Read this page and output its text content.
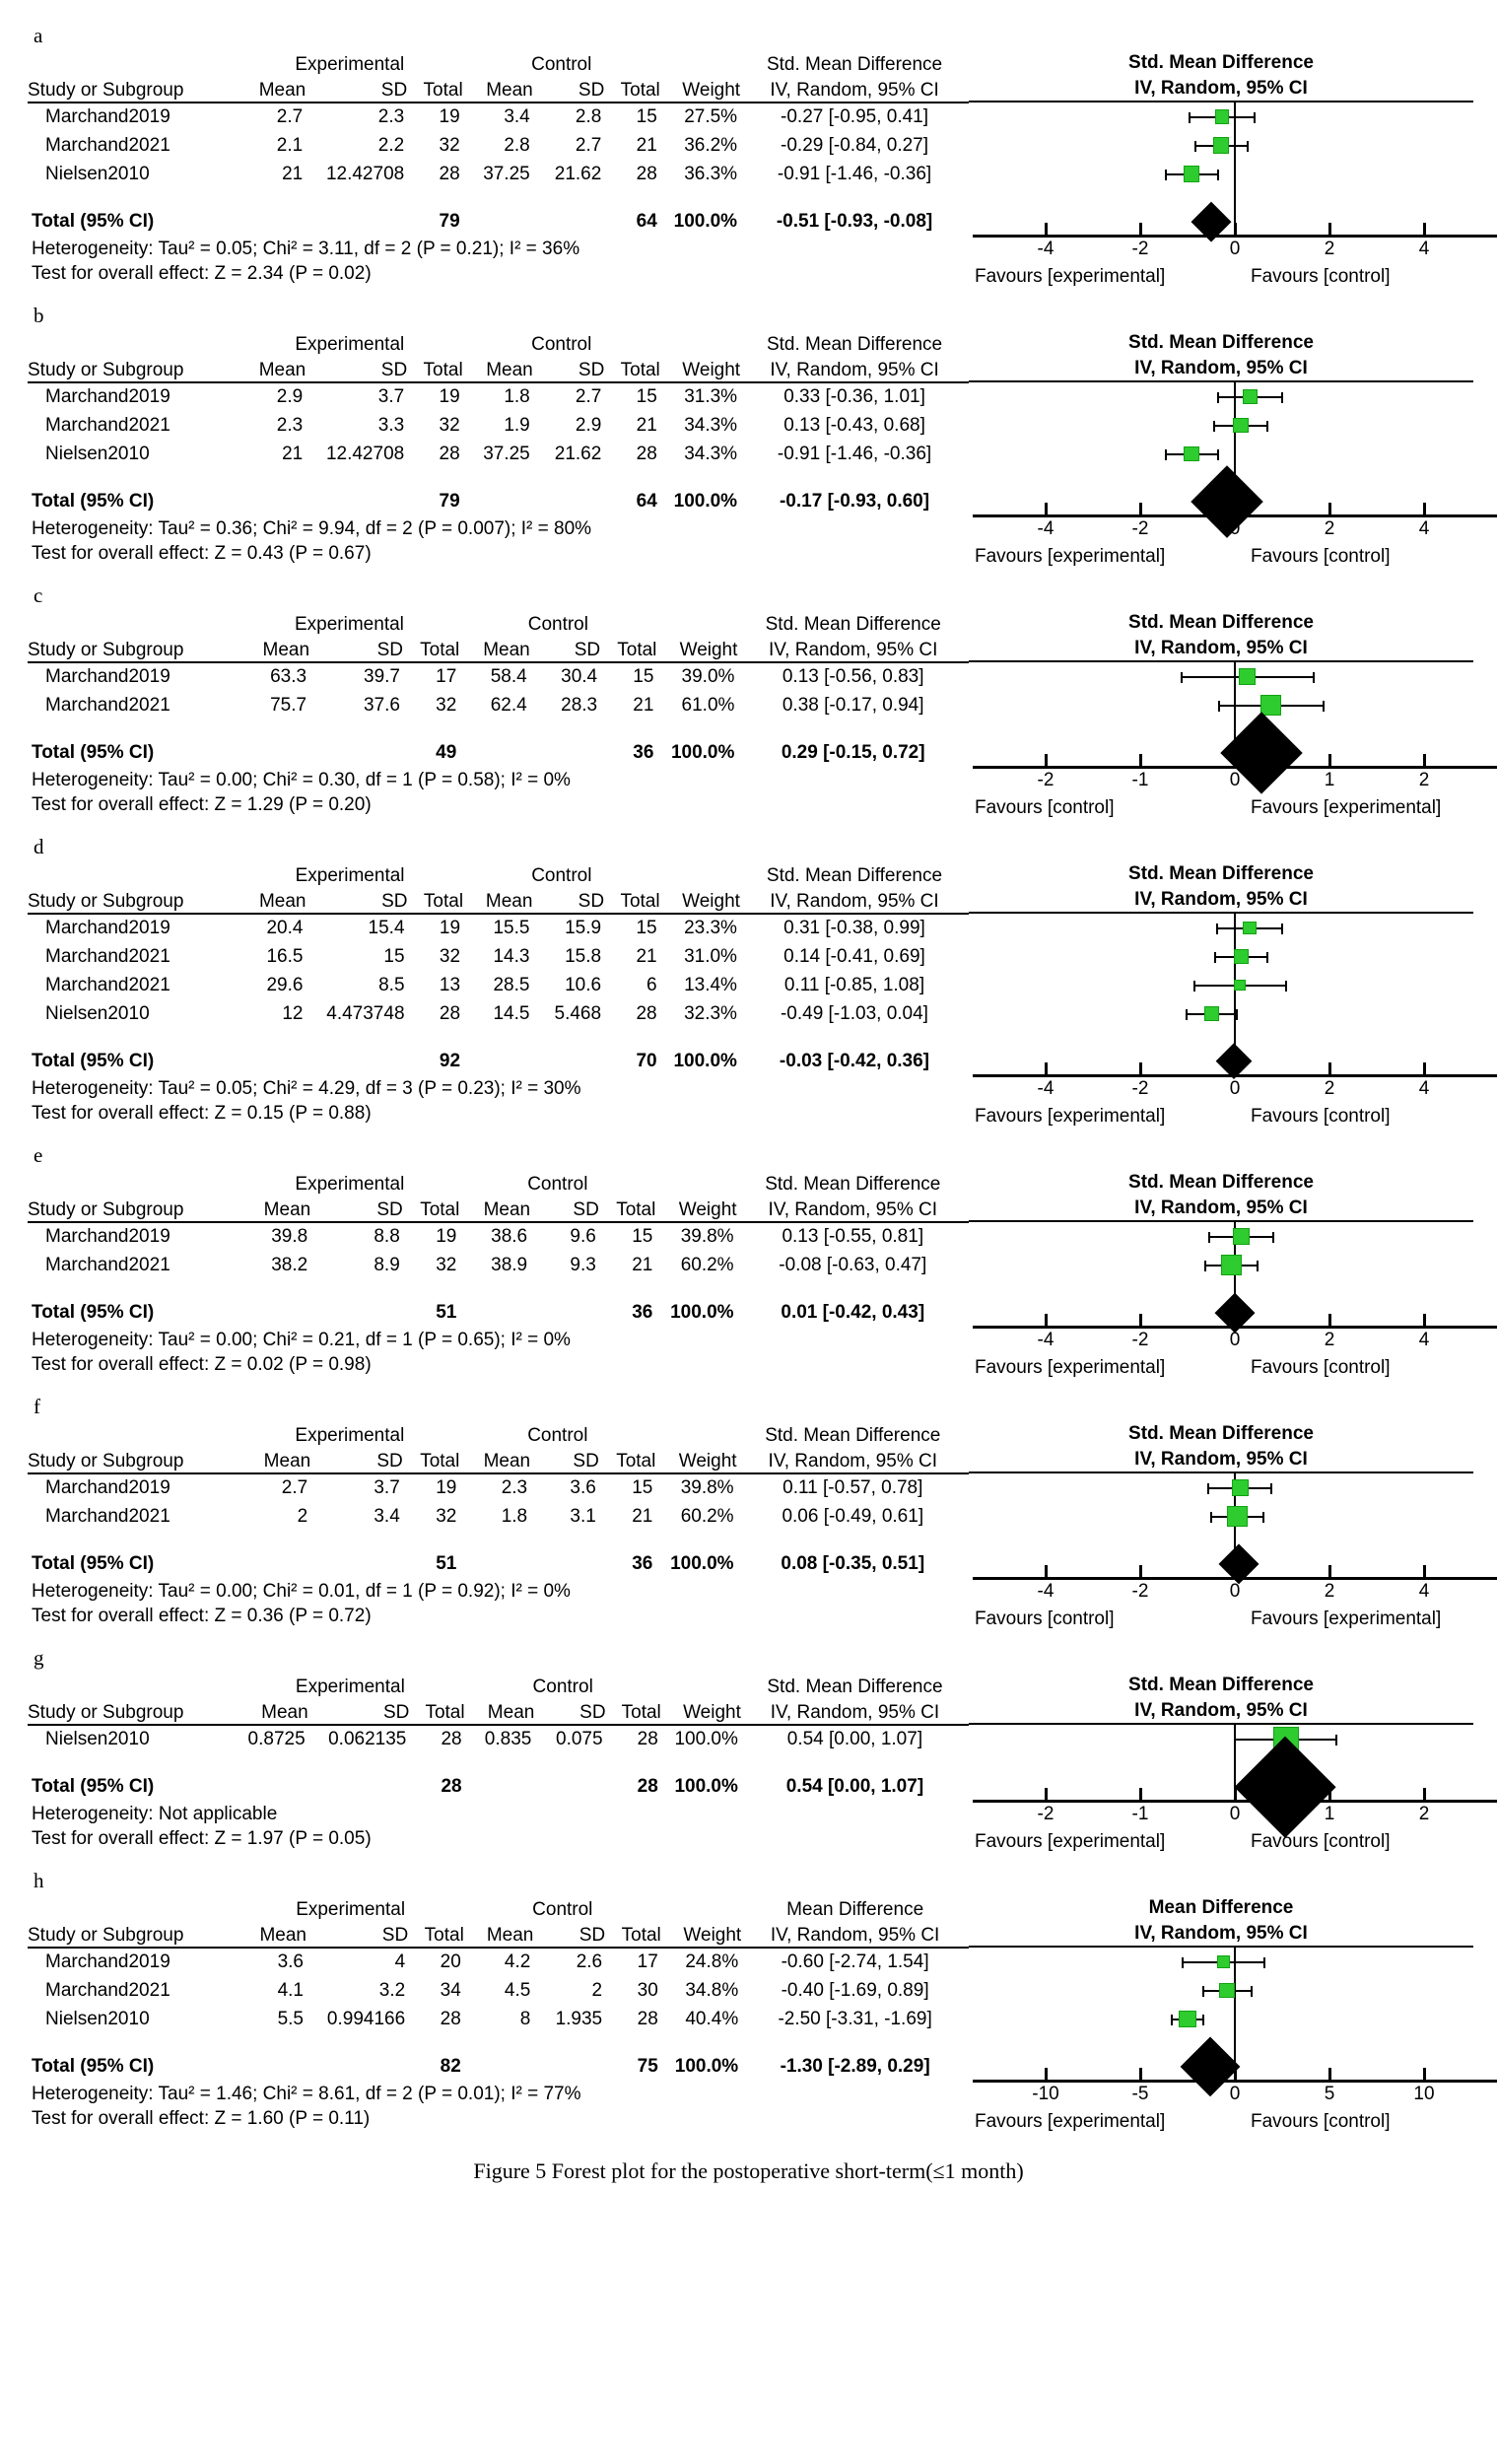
a
	Experimental			Control				Std. Mean Difference
Study or Subgroup	Mean	SD	Total	Mean	SD	Total	Weight	IV, Random, 95% CI
Marchand2019	2.7	2.3	19	3.4	2.8	15	27.5%	-0.27 [-0.95, 0.41]
Marchand2021	2.1	2.2	32	2.8	2.7	21	36.2%	-0.29 [-0.84, 0.27]
Nielsen2010	21	12.42708	28	37.25	21.62	28	36.3%	-0.91 [-1.46, -0.36]

Total (95% CI)			79			64	100.0%	-0.51 [-0.93, -0.08]
Heterogeneity: Tau² = 0.05; Chi² = 3.11, df = 2 (P = 0.21); I² = 36%
Test for overall effect: Z = 2.34 (P = 0.02)
Std. Mean Difference
IV, Random, 95% CI
-4	-2	0	2	4
Favours [experimental]	Favours [control]
b
	Experimental			Control				Std. Mean Difference
Study or Subgroup	Mean	SD	Total	Mean	SD	Total	Weight	IV, Random, 95% CI
Marchand2019	2.9	3.7	19	1.8	2.7	15	31.3%	0.33 [-0.36, 1.01]
Marchand2021	2.3	3.3	32	1.9	2.9	21	34.3%	0.13 [-0.43, 0.68]
Nielsen2010	21	12.42708	28	37.25	21.62	28	34.3%	-0.91 [-1.46, -0.36]

Total (95% CI)			79			64	100.0%	-0.17 [-0.93, 0.60]
Heterogeneity: Tau² = 0.36; Chi² = 9.94, df = 2 (P = 0.007); I² = 80%
Test for overall effect: Z = 0.43 (P = 0.67)
Std. Mean Difference
IV, Random, 95% CI
-4	-2	0	2	4
Favours [experimental]	Favours [control]
c
	Experimental			Control				Std. Mean Difference
Study or Subgroup	Mean	SD	Total	Mean	SD	Total	Weight	IV, Random, 95% CI
Marchand2019	63.3	39.7	17	58.4	30.4	15	39.0%	0.13 [-0.56, 0.83]
Marchand2021	75.7	37.6	32	62.4	28.3	21	61.0%	0.38 [-0.17, 0.94]

Total (95% CI)			49			36	100.0%	0.29 [-0.15, 0.72]
Heterogeneity: Tau² = 0.00; Chi² = 0.30, df = 1 (P = 0.58); I² = 0%
Test for overall effect: Z = 1.29 (P = 0.20)
Std. Mean Difference
IV, Random, 95% CI
-2	-1	0	1	2
Favours [control]	Favours [experimental]
d
	Experimental			Control				Std. Mean Difference
Study or Subgroup	Mean	SD	Total	Mean	SD	Total	Weight	IV, Random, 95% CI
Marchand2019	20.4	15.4	19	15.5	15.9	15	23.3%	0.31 [-0.38, 0.99]
Marchand2021	16.5	15	32	14.3	15.8	21	31.0%	0.14 [-0.41, 0.69]
Marchand2021	29.6	8.5	13	28.5	10.6	6	13.4%	0.11 [-0.85, 1.08]
Nielsen2010	12	4.473748	28	14.5	5.468	28	32.3%	-0.49 [-1.03, 0.04]

Total (95% CI)			92			70	100.0%	-0.03 [-0.42, 0.36]
Heterogeneity: Tau² = 0.05; Chi² = 4.29, df = 3 (P = 0.23); I² = 30%
Test for overall effect: Z = 0.15 (P = 0.88)
Std. Mean Difference
IV, Random, 95% CI
-4	-2	0	2	4
Favours [experimental]	Favours [control]
e
	Experimental			Control				Std. Mean Difference
Study or Subgroup	Mean	SD	Total	Mean	SD	Total	Weight	IV, Random, 95% CI
Marchand2019	39.8	8.8	19	38.6	9.6	15	39.8%	0.13 [-0.55, 0.81]
Marchand2021	38.2	8.9	32	38.9	9.3	21	60.2%	-0.08 [-0.63, 0.47]

Total (95% CI)			51			36	100.0%	0.01 [-0.42, 0.43]
Heterogeneity: Tau² = 0.00; Chi² = 0.21, df = 1 (P = 0.65); I² = 0%
Test for overall effect: Z = 0.02 (P = 0.98)
Std. Mean Difference
IV, Random, 95% CI
-4	-2	0	2	4
Favours [experimental]	Favours [control]
f
	Experimental			Control				Std. Mean Difference
Study or Subgroup	Mean	SD	Total	Mean	SD	Total	Weight	IV, Random, 95% CI
Marchand2019	2.7	3.7	19	2.3	3.6	15	39.8%	0.11 [-0.57, 0.78]
Marchand2021	2	3.4	32	1.8	3.1	21	60.2%	0.06 [-0.49, 0.61]

Total (95% CI)			51			36	100.0%	0.08 [-0.35, 0.51]
Heterogeneity: Tau² = 0.00; Chi² = 0.01, df = 1 (P = 0.92); I² = 0%
Test for overall effect: Z = 0.36 (P = 0.72)
Std. Mean Difference
IV, Random, 95% CI
-4	-2	0	2	4
Favours [control]	Favours [experimental]
g
	Experimental			Control				Std. Mean Difference
Study or Subgroup	Mean	SD	Total	Mean	SD	Total	Weight	IV, Random, 95% CI
Nielsen2010	0.8725	0.062135	28	0.835	0.075	28	100.0%	0.54 [0.00, 1.07]

Total (95% CI)			28			28	100.0%	0.54 [0.00, 1.07]
Heterogeneity: Not applicable
Test for overall effect: Z = 1.97 (P = 0.05)
Std. Mean Difference
IV, Random, 95% CI
-2	-1	0	1	2
Favours [experimental]	Favours [control]
h
	Experimental			Control				Mean Difference
Study or Subgroup	Mean	SD	Total	Mean	SD	Total	Weight	IV, Random, 95% CI
Marchand2019	3.6	4	20	4.2	2.6	17	24.8%	-0.60 [-2.74, 1.54]
Marchand2021	4.1	3.2	34	4.5	2	30	34.8%	-0.40 [-1.69, 0.89]
Nielsen2010	5.5	0.994166	28	8	1.935	28	40.4%	-2.50 [-3.31, -1.69]

Total (95% CI)			82			75	100.0%	-1.30 [-2.89, 0.29]
Heterogeneity: Tau² = 1.46; Chi² = 8.61, df = 2 (P = 0.01); I² = 77%
Test for overall effect: Z = 1.60 (P = 0.11)
Mean Difference
IV, Random, 95% CI
-10	-5	0	5	10
Favours [experimental]	Favours [control]
Figure 5 Forest plot for the postoperative short-term(≤1 month)
